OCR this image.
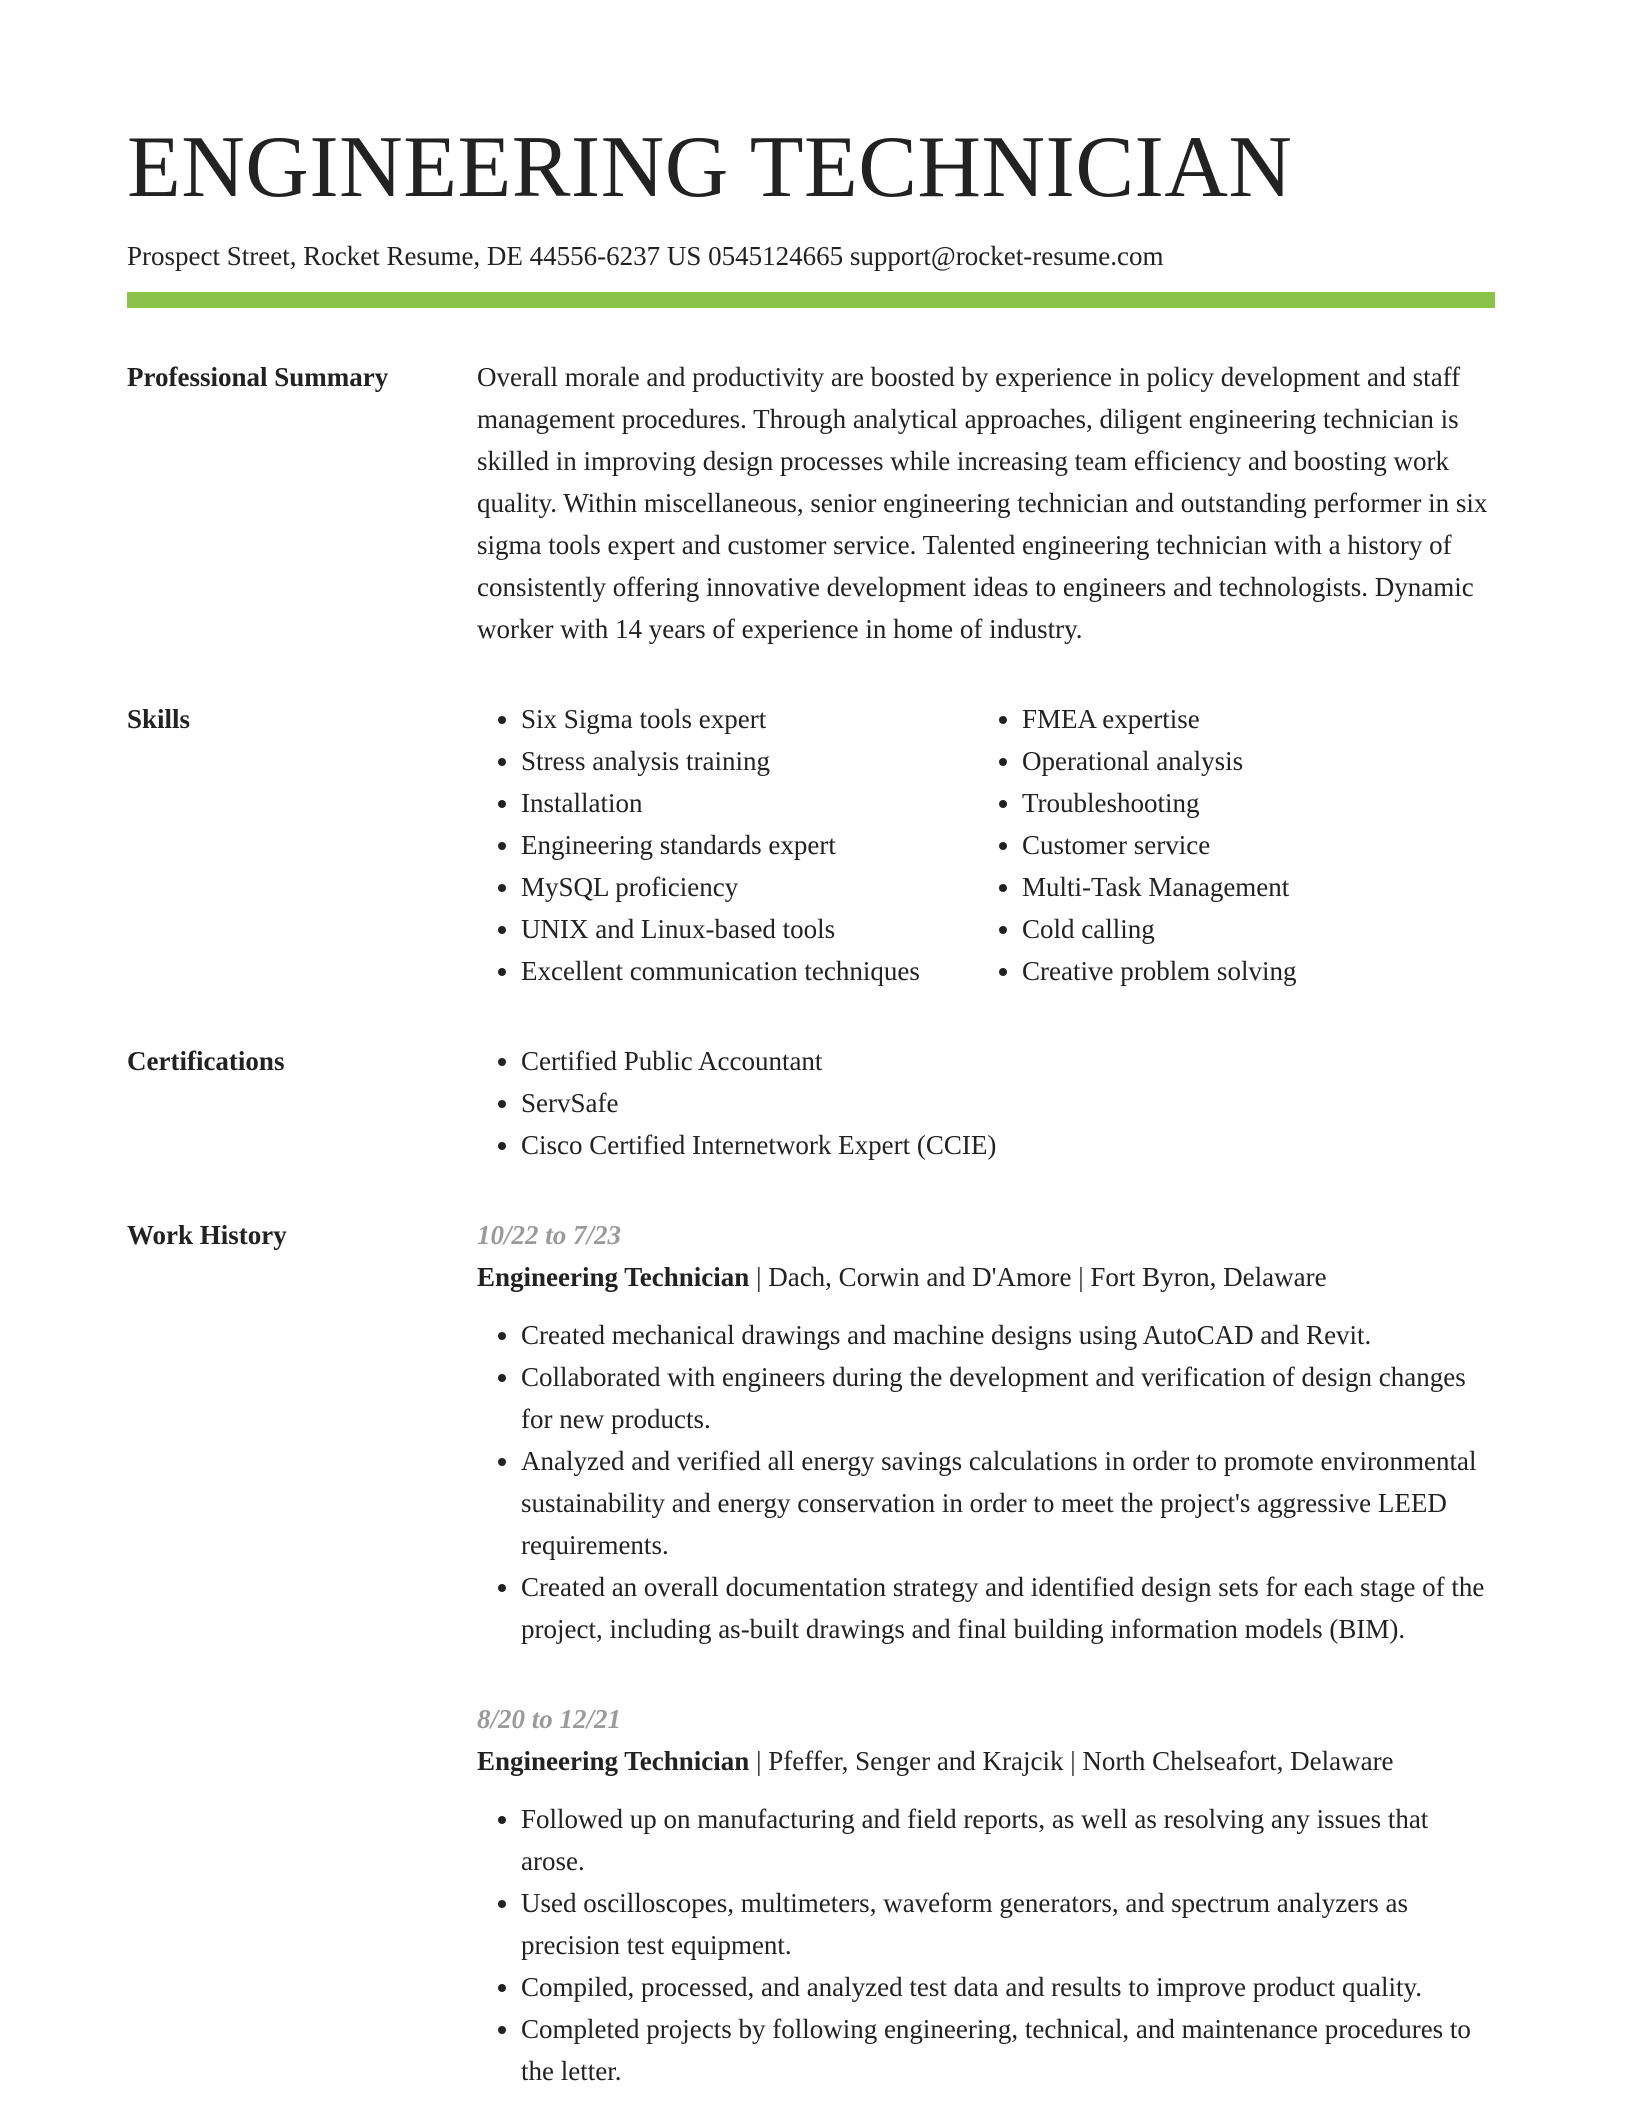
ENGINEERING TECHNICIAN
Prospect Street, Rocket Resume, DE 44556-6237 US 0545124665 support@rocket-resume.com
Professional Summary	Overall morale and productivity are boosted by experience in policy development and staff management procedures. Through analytical approaches, diligent engineering technician is skilled in improving design processes while increasing team efficiency and boosting work quality. Within miscellaneous, senior engineering technician and outstanding performer in six sigma tools expert and customer service. Talented engineering technician with a history of consistently offering innovative development ideas to engineers and technologists. Dynamic worker with 14 years of experience in home of industry.

Skills	• Six Sigma tools expert
• Stress analysis training
• Installation
• Engineering standards expert
• MySQL proficiency
• UNIX and Linux-based tools
• Excellent communication techniques
• FMEA expertise
• Operational analysis
• Troubleshooting
• Customer service
• Multi-Task Management
• Cold calling
• Creative problem solving
Certifications	• Certified Public Accountant
• ServSafe
• Cisco Certified Internetwork Expert (CCIE)
Work History	10/22 to 7/23
Engineering Technician | Dach, Corwin and D'Amore | Fort Byron, Delaware
• Created mechanical drawings and machine designs using AutoCAD and Revit.
• Collaborated with engineers during the development and verification of design changes for new products.
• Analyzed and verified all energy savings calculations in order to promote environmental sustainability and energy conservation in order to meet the project's aggressive LEED requirements.
• Created an overall documentation strategy and identified design sets for each stage of the project, including as-built drawings and final building information models (BIM).
8/20 to 12/21
Engineering Technician | Pfeffer, Senger and Krajcik | North Chelseafort, Delaware
• Followed up on manufacturing and field reports, as well as resolving any issues that arose.
• Used oscilloscopes, multimeters, waveform generators, and spectrum analyzers as precision test equipment.
• Compiled, processed, and analyzed test data and results to improve product quality.
• Completed projects by following engineering, technical, and maintenance procedures to the letter.
